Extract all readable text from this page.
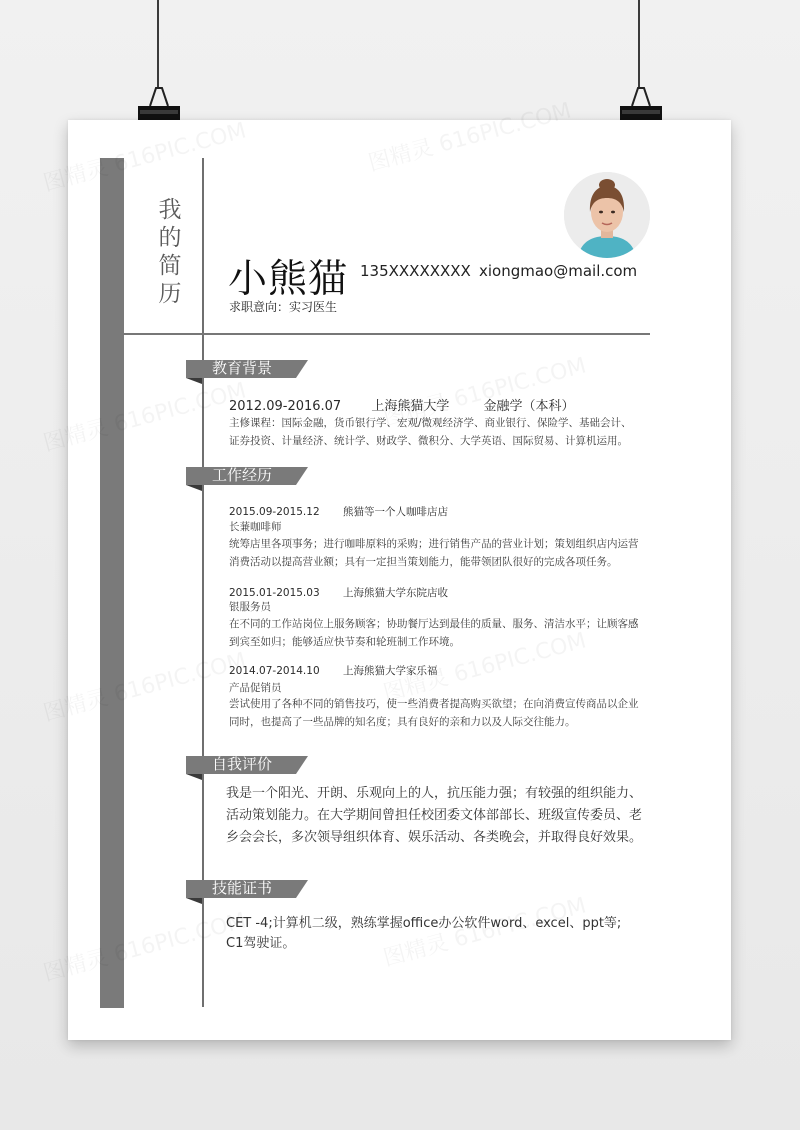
我
的
简
历 小熊猫 135XXXXXXXX xiongmao@mail.com
求职意向：实习医生
教育背景
2012.09-2016.07 上海熊猫大学	金融学（本科）
主修课程：国际金融，货币银行学、宏观/微观经济学、商业银行、保险学、基础会计、证券投资、计量经济、统计学、财政学、微积分、大学英语、国际贸易、计算机运用。
工作经历
2015.09-2015.12 熊猫等一个人咖啡店店
长蒹咖啡师
统筹店里各项事务；进行咖啡原料的采购；进行销售产品的营业计划；策划组织店内运营消费活动以提高营业额；具有一定担当策划能力，能带领团队很好的完成各项任务。
2015.01-2015.03 上海熊猫大学东院店收
银服务员
在不同的工作站岗位上服务顾客；协助餐厅达到最佳的质量、服务、清洁水平；让顾客感到宾至如归；能够适应快节奏和轮班制工作环境。
2014.07-2014.10 上海熊猫大学家乐福
产品促销员
尝试使用了各种不同的销售技巧，使一些消费者提高购买欲望；在向消费宣传商品以企业同时，也提高了一些品牌的知名度；具有良好的亲和力以及人际交往能力。
自我评价
我是一个阳光、开朗、乐观向上的人，抗压能力强；有较强的组织能力、活动策划能力。在大学期间曾担任校团委文体部部长、班级宣传委员、老乡会会长，多次领导组织体育、娱乐活动、各类晚会，并取得良好效果。
技能证书
CET -4;计算机二级，熟练掌握office办公软件word、excel、ppt等; C1驾驶证。
